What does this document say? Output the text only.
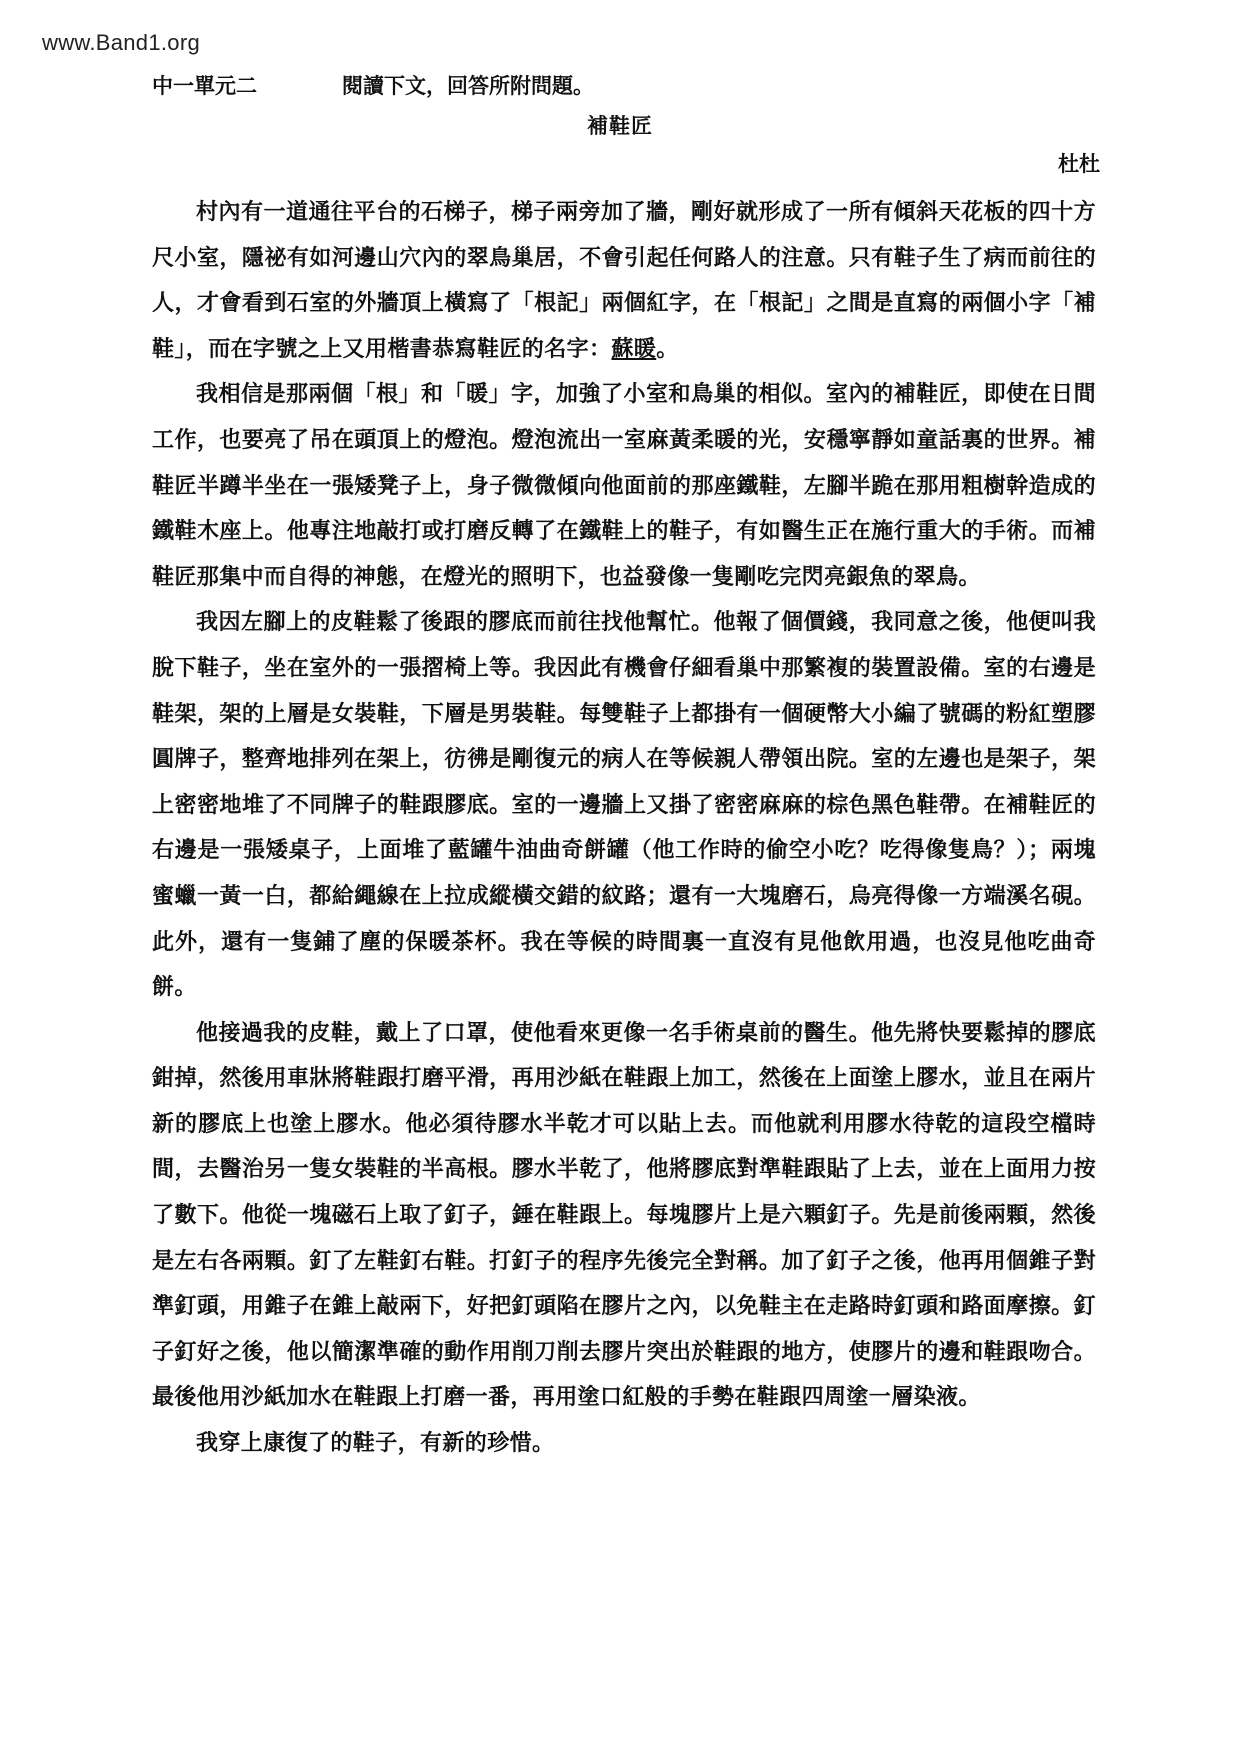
www.Band1.org
中一單元二	閱讀下文，回答所附問題。
補鞋匠
杜杜

村內有一道通往平台的石梯子，梯子兩旁加了牆，剛好就形成了一所有傾斜天花板的四十方尺小室，隱祕有如河邊山穴內的翠鳥巢居，不會引起任何路人的注意。只有鞋子生了病而前往的人，才會看到石室的外牆頂上橫寫了「根記」兩個紅字，在「根記」之間是直寫的兩個小字「補鞋」，而在字號之上又用楷書恭寫鞋匠的名字：蘇暖。

我相信是那兩個「根」和「暖」字，加強了小室和鳥巢的相似。室內的補鞋匠，即使在日間工作，也要亮了吊在頭頂上的燈泡。燈泡流出一室麻黃柔暖的光，安穩寧靜如童話裏的世界。補鞋匠半蹲半坐在一張矮凳子上，身子微微傾向他面前的那座鐵鞋，左腳半跪在那用粗樹幹造成的鐵鞋木座上。他專注地敲打或打磨反轉了在鐵鞋上的鞋子，有如醫生正在施行重大的手術。而補鞋匠那集中而自得的神態，在燈光的照明下，也益發像一隻剛吃完閃亮銀魚的翠鳥。

我因左腳上的皮鞋鬆了後跟的膠底而前往找他幫忙。他報了個價錢，我同意之後，他便叫我脫下鞋子，坐在室外的一張摺椅上等。我因此有機會仔細看巢中那繁複的裝置設備。室的右邊是鞋架，架的上層是女裝鞋，下層是男裝鞋。每雙鞋子上都掛有一個硬幣大小編了號碼的粉紅塑膠圓牌子，整齊地排列在架上，彷彿是剛復元的病人在等候親人帶領出院。室的左邊也是架子，架上密密地堆了不同牌子的鞋跟膠底。室的一邊牆上又掛了密密麻麻的棕色黑色鞋帶。在補鞋匠的右邊是一張矮桌子，上面堆了藍罐牛油曲奇餅罐（他工作時的偷空小吃？吃得像隻鳥？）；兩塊蜜蠟一黃一白，都給繩線在上拉成縱橫交錯的紋路；還有一大塊磨石，烏亮得像一方端溪名硯。此外，還有一隻鋪了塵的保暖茶杯。我在等候的時間裏一直沒有見他飲用過，也沒見他吃曲奇餅。

他接過我的皮鞋，戴上了口罩，使他看來更像一名手術桌前的醫生。他先將快要鬆掉的膠底鉗掉，然後用車牀將鞋跟打磨平滑，再用沙紙在鞋跟上加工，然後在上面塗上膠水，並且在兩片新的膠底上也塗上膠水。他必須待膠水半乾才可以貼上去。而他就利用膠水待乾的這段空檔時間，去醫治另一隻女裝鞋的半高根。膠水半乾了，他將膠底對準鞋跟貼了上去，並在上面用力按了數下。他從一塊磁石上取了釘子，錘在鞋跟上。每塊膠片上是六顆釘子。先是前後兩顆，然後是左右各兩顆。釘了左鞋釘右鞋。打釘子的程序先後完全對稱。加了釘子之後，他再用個錐子對準釘頭，用錐子在錐上敲兩下，好把釘頭陷在膠片之內，以免鞋主在走路時釘頭和路面摩擦。釘子釘好之後，他以簡潔準確的動作用削刀削去膠片突出於鞋跟的地方，使膠片的邊和鞋跟吻合。最後他用沙紙加水在鞋跟上打磨一番，再用塗口紅般的手勢在鞋跟四周塗一層染液。

我穿上康復了的鞋子，有新的珍惜。
